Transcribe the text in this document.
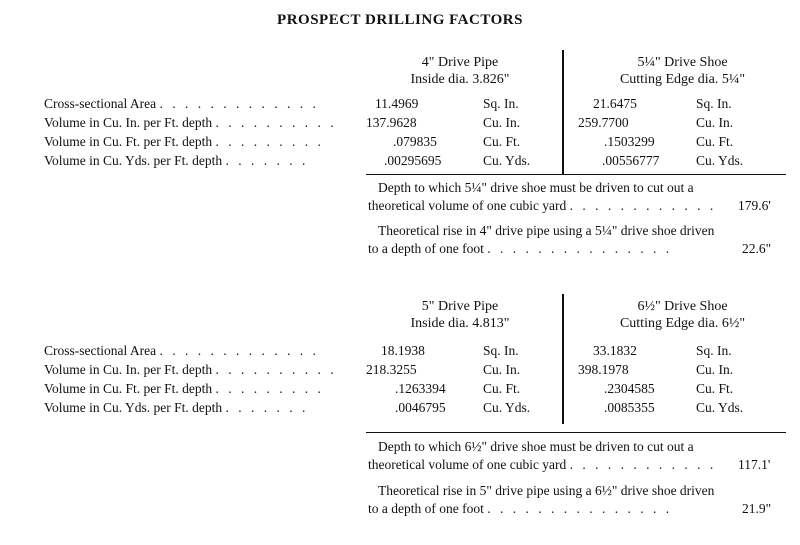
PROSPECT DRILLING FACTORS
4" Drive Pipe
Inside dia. 3.826"
5¼" Drive Shoe
Cutting Edge dia. 5¼"
Cross-sectional Area . . . . . . . . . . . . .	11.4969	Sq. In.	21.6475	Sq. In.
Volume in Cu. In. per Ft. depth . . . . . . . . . . 137.9628	Cu. In.	259.7700	Cu. In.
Volume in Cu. Ft. per Ft. depth . . . . . . . . .	.079835	Cu. Ft.	.1503299	Cu. Ft.
Volume in Cu. Yds. per Ft. depth . . . . . . .	.00295695	Cu. Yds.	.00556777	Cu. Yds.
Depth to which 5¼" drive shoe must be driven to cut out a
theoretical volume of one cubic yard . . . . . . . . . . . . 179.6'
Theoretical rise in 4" drive pipe using a 5¼" drive shoe driven
to a depth of one foot . . . . . . . . . . . . . . .	22.6"
5" Drive Pipe
Inside dia. 4.813"
6½" Drive Shoe
Cutting Edge dia. 6½"
Cross-sectional Area . . . . . . . . . . . . .	18.1938	Sq. In.	33.1832	Sq. In.
Volume in Cu. In. per Ft. depth . . . . . . . . . . 218.3255	Cu. In.	398.1978	Cu. In.
Volume in Cu. Ft. per Ft. depth . . . . . . . . .	.1263394	Cu. Ft.	.2304585	Cu. Ft.
Volume in Cu. Yds. per Ft. depth . . . . . . .	.0046795	Cu. Yds.	.0085355	Cu. Yds.
Depth to which 6½" drive shoe must be driven to cut out a
theoretical volume of one cubic yard . . . . . . . . . . . . 117.1'
Theoretical rise in 5" drive pipe using a 6½" drive shoe driven
to a depth of one foot . . . . . . . . . . . . . . .	21.9"
